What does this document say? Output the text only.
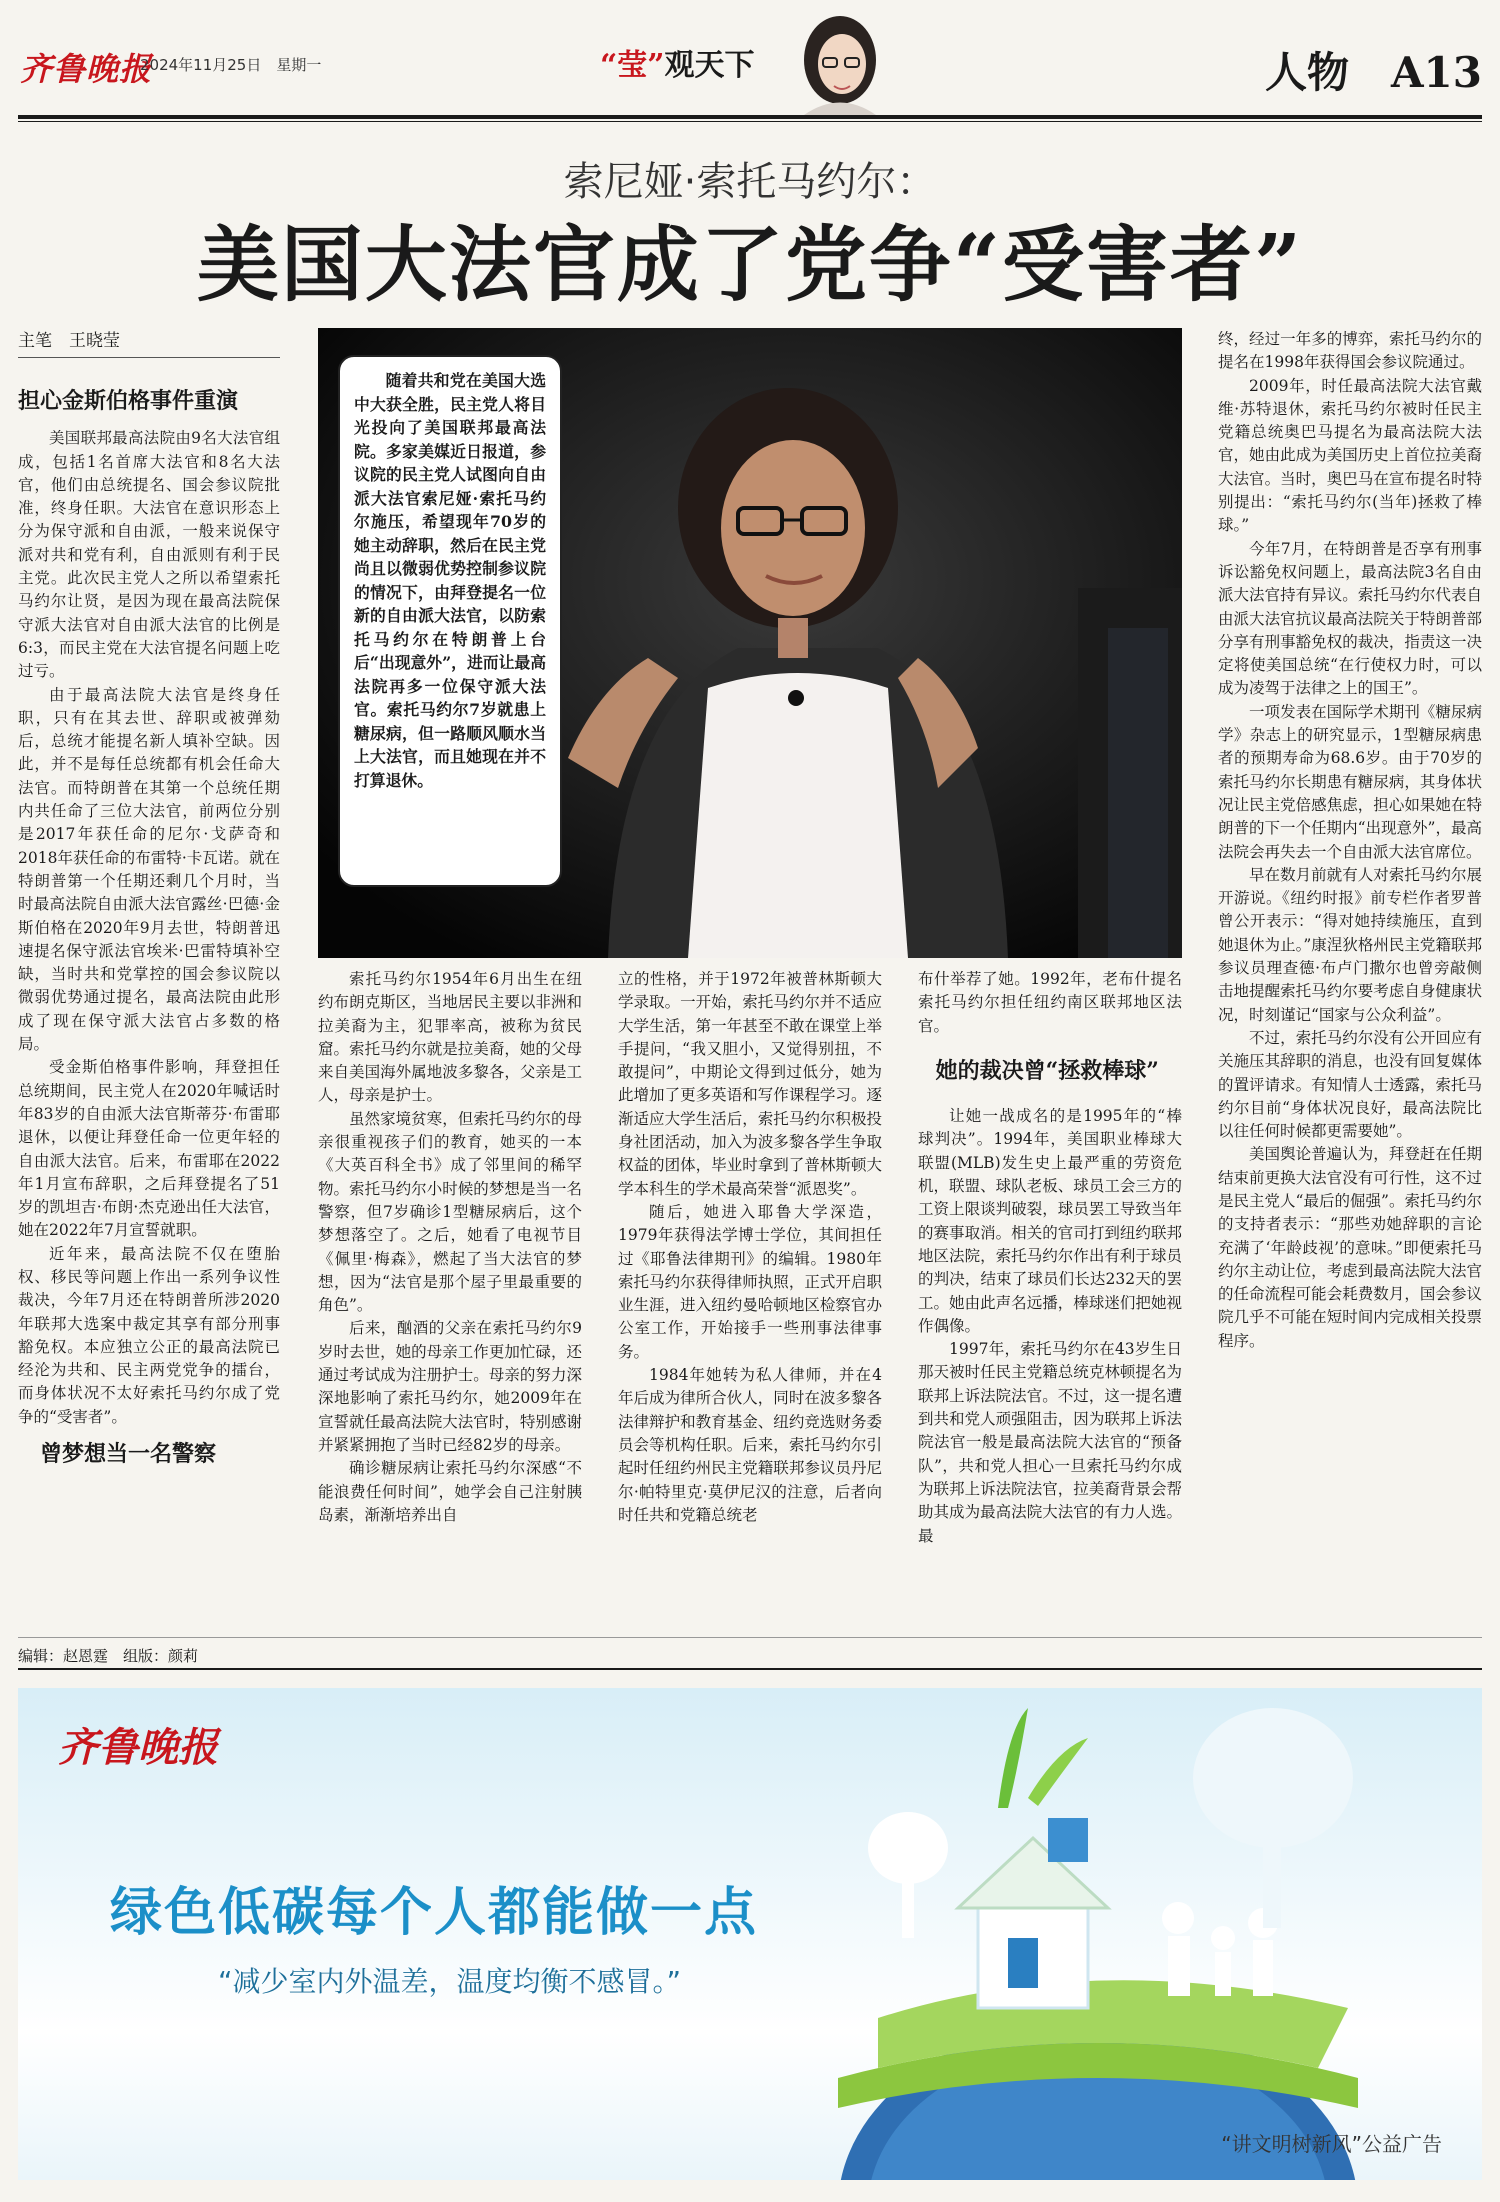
齐鲁晚报
2024年11月25日　星期一	“莹”观天下	人物　A13
索尼娅·索托马约尔：
美国大法官成了党争“受害者”
主笔　王晓莹
担心金斯伯格事件重演

美国联邦最高法院由9名大法官组成，包括1名首席大法官和8名大法官，他们由总统提名、国会参议院批准，终身任职。大法官在意识形态上分为保守派和自由派，一般来说保守派对共和党有利，自由派则有利于民主党。此次民主党人之所以希望索托马约尔让贤，是因为现在最高法院保守派大法官对自由派大法官的比例是6:3，而民主党在大法官提名问题上吃过亏。

由于最高法院大法官是终身任职，只有在其去世、辞职或被弹劾后，总统才能提名新人填补空缺。因此，并不是每任总统都有机会任命大法官。而特朗普在其第一个总统任期内共任命了三位大法官，前两位分别是2017年获任命的尼尔·戈萨奇和2018年获任命的布雷特·卡瓦诺。就在特朗普第一个任期还剩几个月时，当时最高法院自由派大法官露丝·巴德·金斯伯格在2020年9月去世，特朗普迅速提名保守派法官埃米·巴雷特填补空缺，当时共和党掌控的国会参议院以微弱优势通过提名，最高法院由此形成了现在保守派大法官占多数的格局。

受金斯伯格事件影响，拜登担任总统期间，民主党人在2020年喊话时年83岁的自由派大法官斯蒂芬·布雷耶退休，以便让拜登任命一位更年轻的自由派大法官。后来，布雷耶在2022年1月宣布辞职，之后拜登提名了51岁的凯坦吉·布朗·杰克逊出任大法官，她在2022年7月宣誓就职。

近年来，最高法院不仅在堕胎权、移民等问题上作出一系列争议性裁决，今年7月还在特朗普所涉2020年联邦大选案中裁定其享有部分刑事豁免权。本应独立公正的最高法院已经沦为共和、民主两党党争的擂台，而身体状况不太好索托马约尔成了党争的“受害者”。

曾梦想当一名警察
随着共和党在美国大选中大获全胜，民主党人将目光投向了美国联邦最高法院。多家美媒近日报道，参议院的民主党人试图向自由派大法官索尼娅·索托马约尔施压，希望现年70岁的她主动辞职，然后在民主党尚且以微弱优势控制参议院的情况下，由拜登提名一位新的自由派大法官，以防索托马约尔在特朗普上台后“出现意外”，进而让最高法院再多一位保守派大法官。索托马约尔7岁就患上糖尿病，但一路顺风顺水当上大法官，而且她现在并不打算退休。

索托马约尔1954年6月出生在纽约布朗克斯区，当地居民主要以非洲和拉美裔为主，犯罪率高，被称为贫民窟。索托马约尔就是拉美裔，她的父母来自美国海外属地波多黎各，父亲是工人，母亲是护士。

虽然家境贫寒，但索托马约尔的母亲很重视孩子们的教育，她买的一本《大英百科全书》成了邻里间的稀罕物。索托马约尔小时候的梦想是当一名警察，但7岁确诊1型糖尿病后，这个梦想落空了。之后，她看了电视节目《佩里·梅森》，燃起了当大法官的梦想，因为“法官是那个屋子里最重要的角色”。

后来，酗酒的父亲在索托马约尔9岁时去世，她的母亲工作更加忙碌，还通过考试成为注册护士。母亲的努力深深地影响了索托马约尔，她2009年在宣誓就任最高法院大法官时，特别感谢并紧紧拥抱了当时已经82岁的母亲。

确诊糖尿病让索托马约尔深感“不能浪费任何时间”，她学会自己注射胰岛素，渐渐培养出自

立的性格，并于1972年被普林斯顿大学录取。一开始，索托马约尔并不适应大学生活，第一年甚至不敢在课堂上举手提问，“我又胆小，又觉得别扭，不敢提问”，中期论文得到过低分，她为此增加了更多英语和写作课程学习。逐渐适应大学生活后，索托马约尔积极投身社团活动，加入为波多黎各学生争取权益的团体，毕业时拿到了普林斯顿大学本科生的学术最高荣誉“派恩奖”。

随后，她进入耶鲁大学深造，1979年获得法学博士学位，其间担任过《耶鲁法律期刊》的编辑。1980年索托马约尔获得律师执照，正式开启职业生涯，进入纽约曼哈顿地区检察官办公室工作，开始接手一些刑事法律事务。

1984年她转为私人律师，并在4年后成为律所合伙人，同时在波多黎各法律辩护和教育基金、纽约竞选财务委员会等机构任职。后来，索托马约尔引起时任纽约州民主党籍联邦参议员丹尼尔·帕特里克·莫伊尼汉的注意，后者向时任共和党籍总统老

布什举荐了她。1992年，老布什提名索托马约尔担任纽约南区联邦地区法官。

她的裁决曾“拯救棒球”

让她一战成名的是1995年的“棒球判决”。1994年，美国职业棒球大联盟(MLB)发生史上最严重的劳资危机，联盟、球队老板、球员工会三方的工资上限谈判破裂，球员罢工导致当年的赛事取消。相关的官司打到纽约联邦地区法院，索托马约尔作出有利于球员的判决，结束了球员们长达232天的罢工。她由此声名远播，棒球迷们把她视作偶像。

1997年，索托马约尔在43岁生日那天被时任民主党籍总统克林顿提名为联邦上诉法院法官。不过，这一提名遭到共和党人顽强阻击，因为联邦上诉法院法官一般是最高法院大法官的“预备队”，共和党人担心一旦索托马约尔成为联邦上诉法院法官，拉美裔背景会帮助其成为最高法院大法官的有力人选。最

终，经过一年多的博弈，索托马约尔的提名在1998年获得国会参议院通过。

2009年，时任最高法院大法官戴维·苏特退休，索托马约尔被时任民主党籍总统奥巴马提名为最高法院大法官，她由此成为美国历史上首位拉美裔大法官。当时，奥巴马在宣布提名时特别提出：“索托马约尔(当年)拯救了棒球。”

今年7月，在特朗普是否享有刑事诉讼豁免权问题上，最高法院3名自由派大法官持有异议。索托马约尔代表自由派大法官抗议最高法院关于特朗普部分享有刑事豁免权的裁决，指责这一决定将使美国总统“在行使权力时，可以成为凌驾于法律之上的国王”。

一项发表在国际学术期刊《糖尿病学》杂志上的研究显示，1型糖尿病患者的预期寿命为68.6岁。由于70岁的索托马约尔长期患有糖尿病，其身体状况让民主党倍感焦虑，担心如果她在特朗普的下一个任期内“出现意外”，最高法院会再失去一个自由派大法官席位。

早在数月前就有人对索托马约尔展开游说。《纽约时报》前专栏作者罗普曾公开表示：“得对她持续施压，直到她退休为止。”康涅狄格州民主党籍联邦参议员理查德·布卢门撒尔也曾旁敲侧击地提醒索托马约尔要考虑自身健康状况，时刻谨记“国家与公众利益”。

不过，索托马约尔没有公开回应有关施压其辞职的消息，也没有回复媒体的置评请求。有知情人士透露，索托马约尔目前“身体状况良好，最高法院比以往任何时候都更需要她”。

美国舆论普遍认为，拜登赶在任期结束前更换大法官没有可行性，这不过是民主党人“最后的倔强”。索托马约尔的支持者表示：“那些劝她辞职的言论充满了‘年龄歧视’的意味。”即便索托马约尔主动让位，考虑到最高法院大法官的任命流程可能会耗费数月，国会参议院几乎不可能在短时间内完成相关投票程序。

编辑：赵恩霆　组版：颜莉
齐鲁晚报
绿色低碳每个人都能做一点
“减少室内外温差，温度均衡不感冒。”
“讲文明树新风”公益广告
